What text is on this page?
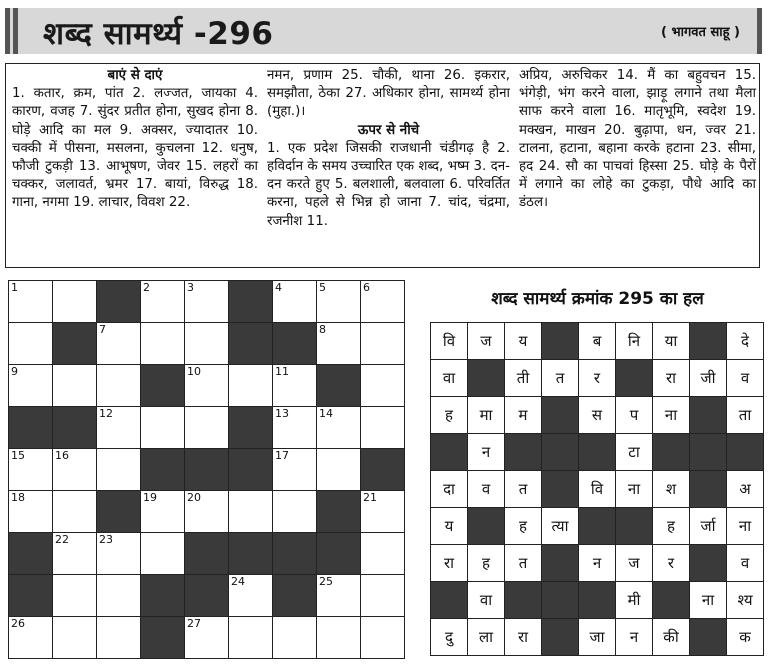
शब्द सामर्थ्य -296	( भागवत साहू )
बाएं से दाएं
1. कतार, क्रम, पांत 2. लज्जत, जायका 4. कारण, वजह 7. सुंदर प्रतीत होना, सुखद होना 8. घोड़े आदि का मल 9. अक्सर, ज्यादातर 10. चक्की में पीसना, मसलना, कुचलना 12. धनुष, फौजी टुकड़ी 13. आभूषण, जेवर 15. लहरों का चक्कर, जलावर्त, भ्रमर 17. बायां, विरुद्ध 18. गाना, नगमा 19. लाचार, विवश 22.
नमन, प्रणाम 25. चौकी, थाना 26. इकरार, समझौता, ठेका 27. अधिकार होना, सामर्थ्य होना (मुहा.)।
ऊपर से नीचे
1. एक प्रदेश जिसकी राजधानी चंडीगढ़ है 2. हविर्दान के समय उच्चारित एक शब्द, भष्म 3. दन-दन करते हुए 5. बलशाली, बलवाला 6. परिवर्तित करना, पहले से भिन्न हो जाना 7. चांद, चंद्रमा, रजनीश 11.
अप्रिय, अरुचिकर 14. मैं का बहुवचन 15. भंगेड़ी, भंग करने वाला, झाड़ू लगाने तथा मैला साफ करने वाला 16. मातृभूमि, स्वदेश 19. मक्खन, माखन 20. बुढ़ापा, धन, ज्वर 21. टालना, हटाना, बहाना करके हटाना 23. सीमा, हद 24. सौ का पाचवां हिस्सा 25. घोड़े के पैरों में लगाने का लोहे का टुकड़ा, पौधे आदि का डंठल।
1			2	3		4	5	6

		7					8	

9				10		11		

		12				13	14	

15	16					17		

18			19	20				21

	22	23						

					24		25	

26				27				

शब्द सामर्थ्य क्रमांक 295 का हल
वि	ज	य		ब	नि	या		दे
वा		ती	त	र		रा	जी	व
ह	मा	म		स	प	ना		ता
	न				टा			
दा	व	त		वि	ना	श		अ
य		ह	त्या			ह	र्जा	ना
रा	ह	त		न	ज	र		व
	वा				मी		ना	श्य
दु	ला	रा		जा	न	की		क
